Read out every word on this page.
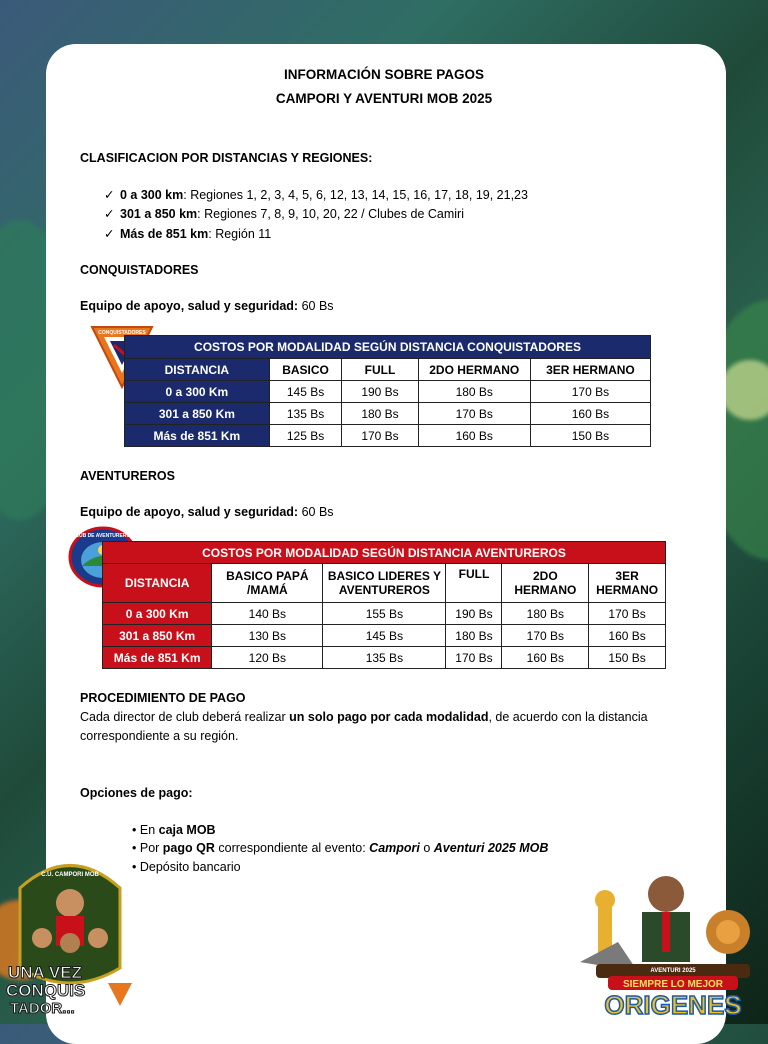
INFORMACIÓN SOBRE PAGOS
CAMPORI Y AVENTURI MOB 2025
CLASIFICACION POR DISTANCIAS Y REGIONES:
✓ 0 a 300 km: Regiones 1, 2, 3, 4, 5, 6, 12, 13, 14, 15, 16, 17, 18, 19, 21,23
✓ 301 a 850 km: Regiones 7, 8, 9, 10, 20, 22 / Clubes de Camiri
✓ Más de 851 km: Región 11
CONQUISTADORES
Equipo de apoyo, salud y seguridad: 60 Bs
CONQUISTADORES
COSTOS POR MODALIDAD SEGÚN DISTANCIA CONQUISTADORES				
DISTANCIA	BASICO	FULL	2DO HERMANO	3ER HERMANO
0 a 300 Km	145 Bs	190 Bs	180 Bs	170 Bs
301 a 850 Km	135 Bs	180 Bs	170 Bs	160 Bs
Más de 851 Km	125 Bs	170 Bs	160 Bs	150 Bs
AVENTUREROS
Equipo de apoyo, salud y seguridad: 60 Bs
CLUB DE AVENTUREROS
COSTOS POR MODALIDAD SEGÚN DISTANCIA AVENTUREROS					
DISTANCIA	BASICO PAPÁ /MAMÁ	BASICO LIDERES Y AVENTUREROS	FULL	2DO HERMANO	3ER HERMANO
0 a 300 Km	140 Bs	155 Bs	190 Bs	180 Bs	170 Bs
301 a 850 Km	130 Bs	145 Bs	180 Bs	170 Bs	160 Bs
Más de 851 Km	120 Bs	135 Bs	170 Bs	160 Bs	150 Bs
PROCEDIMIENTO DE PAGO
Cada director de club deberá realizar un solo pago por cada modalidad, de acuerdo con la distancia
correspondiente a su región.
Opciones de pago:
• En caja MOB
• Por pago QR correspondiente al evento: Campori o Aventuri 2025 MOB
• Depósito bancario
C.U. CAMPORI MOB
UNA VEZ
CONQUIS
TADOR...
AVENTURI 2025
SIEMPRE LO MEJOR
ORIGENES
